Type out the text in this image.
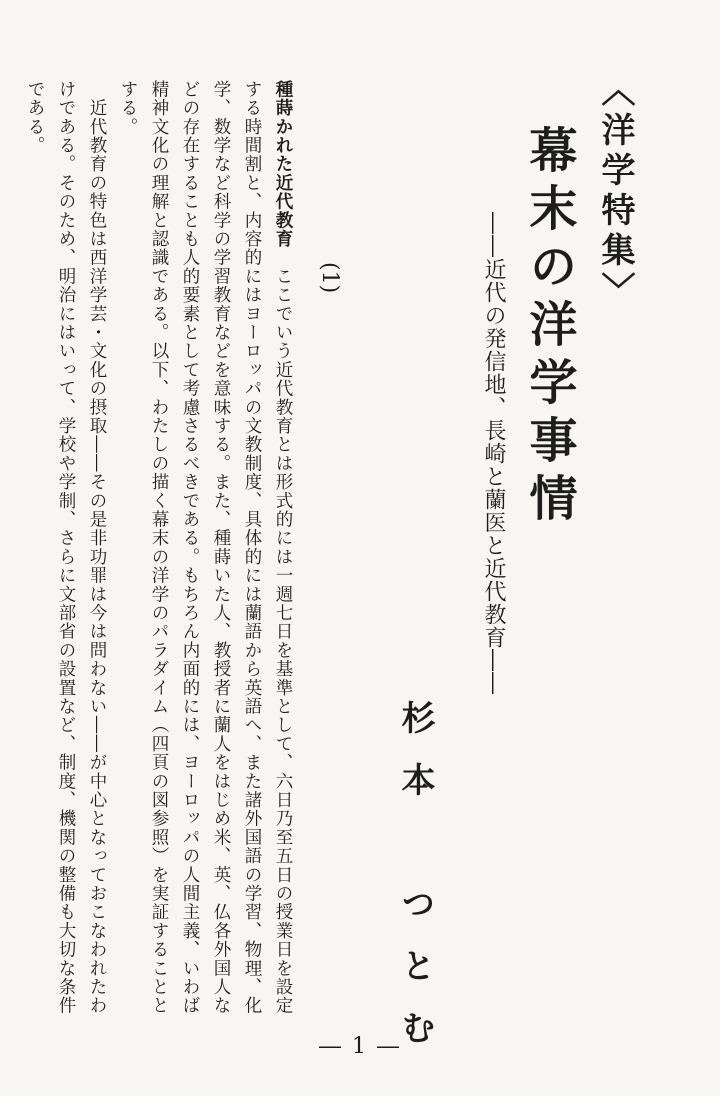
〈洋学特集〉
幕末の洋学事情
――近代の発信地、長崎と蘭医と近代教育――
杉本　つとむ
(1)
種蒔かれた近代教育　ここでいう近代教育とは形式的には一週七日を基準として、六日乃至五日の授業日を設定する時間割と、内容的にはヨーロッパの文教制度、具体的には蘭語から英語へ、また諸外国語の学習、物理、化学、数学など科学の学習教育などを意味する。また、種蒔いた人、教授者に蘭人をはじめ米、英、仏各外国人などの存在することも人的要素として考慮さるべきである。もちろん内面的には、ヨーロッパの人間主義、いわば精神文化の理解と認識である。以下、わたしの描く幕末の洋学のパラダイム（四頁の図参照）を実証することとする。
　近代教育の特色は西洋学芸・文化の摂取――その是非功罪は今は問わない――が中心となっておこなわれたわけである。そのため、明治にはいって、学校や学制、さらに文部省の設置など、制度、機関の整備も大切な条件である。
― 1 ―
